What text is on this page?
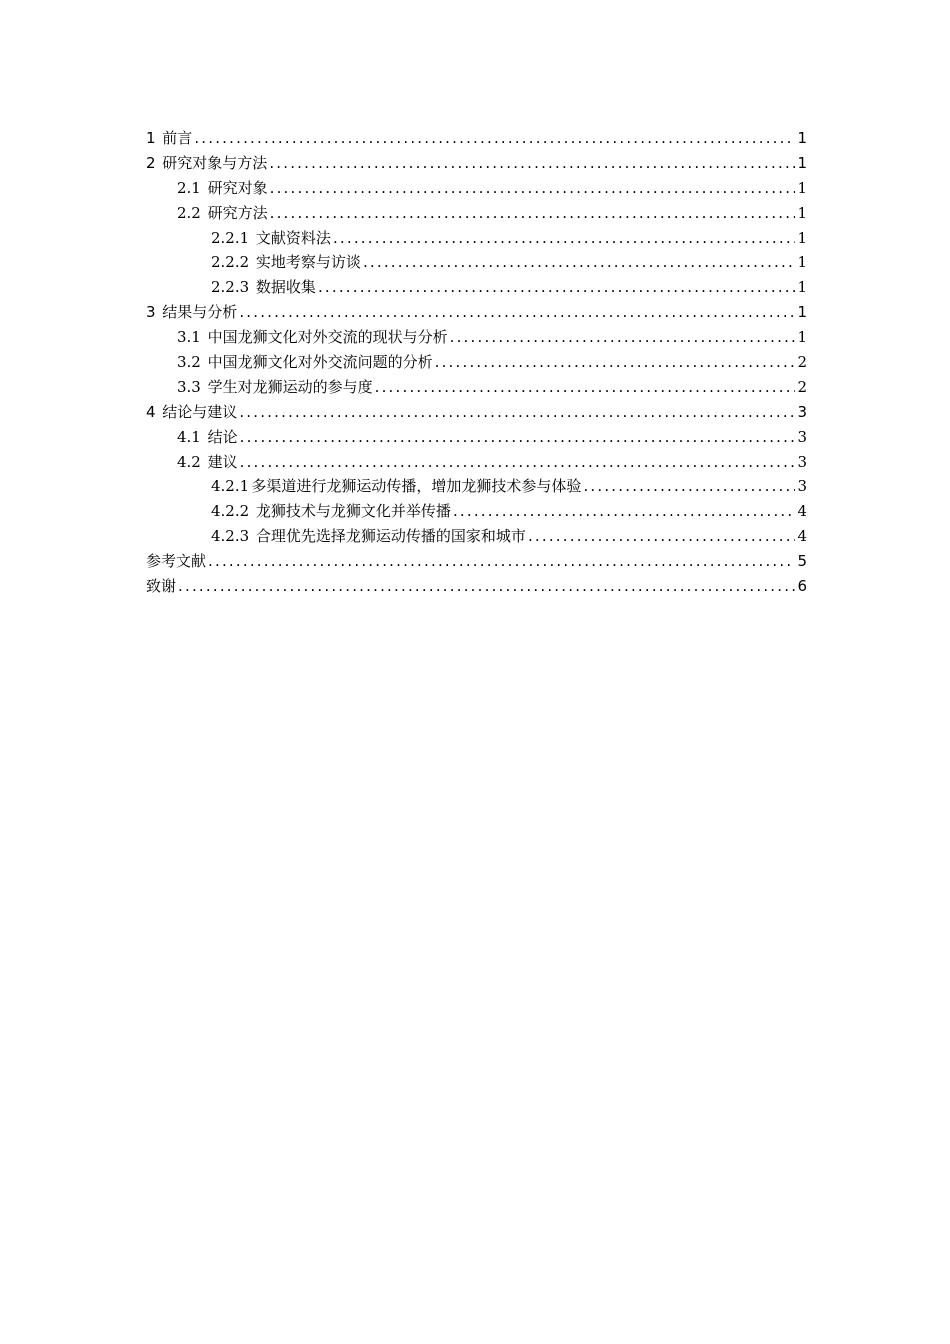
1 前言 .....	1
2 研究对象与方法 .....	1
2.1 研究对象 .....	1
2.2 研究方法 .....	1
2.2.1 文献资料法 .....	1
2.2.2 实地考察与访谈 .....	1
2.2.3 数据收集 .....	1
3 结果与分析 .....	1
3.1 中国龙狮文化对外交流的现状与分析 .....	1
3.2 中国龙狮文化对外交流问题的分析 .....	2
3.3 学生对龙狮运动的参与度 .....	2
4 结论与建议 .....	3
4.1 结论 .....	3
4.2 建议 .....	3
4.2.1 多渠道进行龙狮运动传播，增加龙狮技术参与体验 .....	3
4.2.2 龙狮技术与龙狮文化并举传播 .....	4
4.2.3 合理优先选择龙狮运动传播的国家和城市 .....	4
参考文献 .....	5
致谢 .....	6
